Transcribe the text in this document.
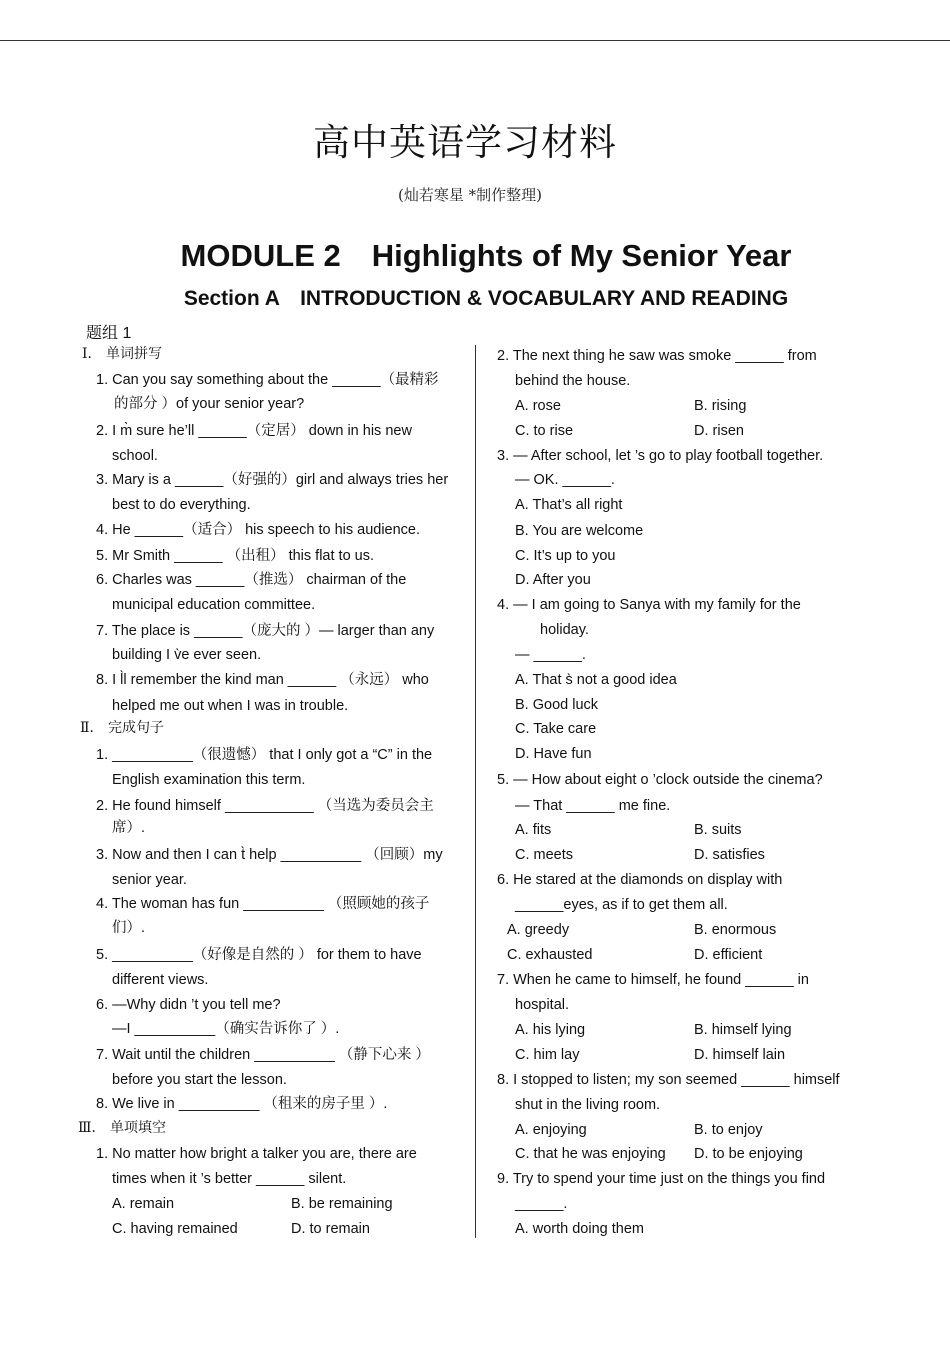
高中英语学习材料
(灿若寒星 *制作整理)
MODULE 2　Highlights of My Senior Year
Section A　INTRODUCTION & VOCABULARY AND READING
题组 1
Ⅰ． 单词拼写
1. Can you say something about the ______（最精彩
的部分 ）of your senior year?
2. I m̀ sure he’ll ______（定居） down in his new
school.
3. Mary is a ______（好强的）girl and always tries her
best to do everything.
4. He ______（适合） his speech to his audience.
5. Mr Smith ______ （出租） this flat to us.
6. Charles was ______（推选） chairman of the
municipal education committee.
7. The place is ______（庞大的 ）— larger than any
building I v̀e ever seen.
8. I l̀l remember the kind man ______ （永远） who
helped me out when I was in trouble.
Ⅱ． 完成句子
1. __________（很遗憾） that I only got a “C” in the
English examination this term.
2. He found himself ___________ （当选为委员会主
席）.
3. Now and then I can t̀ help __________ （回顾）my
senior year.
4. The woman has fun __________ （照顾她的孩子
们）.
5. __________（好像是自然的 ） for them to have
different views.
6. —Why didn ’t you tell me?
—I __________（确实告诉你了 ）.
7. Wait until the children __________ （静下心来 ）
before you start the lesson.
8. We live in __________ （租来的房子里 ）.
Ⅲ． 单项填空
1. No matter how bright a talker you are, there are
times when it ’s better ______ silent.
A. remain	B. be remaining
C. having remained	D. to remain
2. The next thing he saw was smoke ______ from
behind the house.
A. rose	B. rising
C. to rise	D. risen
3. — After school, let ’s go to play football together.
— OK. ______.
A. That’s all right
B. You are welcome
C. It’s up to you
D. After you
4. — I am going to Sanya with my family for the
holiday.
— ______.
A. That s̀ not a good idea
B. Good luck
C. Take care
D. Have fun
5. — How about eight o ’clock outside the cinema?
— That ______ me fine.
A. fits	B. suits
C. meets	D. satisfies
6. He stared at the diamonds on display with
______eyes, as if to get them all.
A. greedy	B. enormous
C. exhausted	D. efficient
7. When he came to himself, he found ______ in
hospital.
A. his lying	B. himself lying
C. him lay	D. himself lain
8. I stopped to listen; my son seemed ______ himself
shut in the living room.
A. enjoying	B. to enjoy
C. that he was enjoying D. to be enjoying
9. Try to spend your time just on the things you find
______.
A. worth doing them
